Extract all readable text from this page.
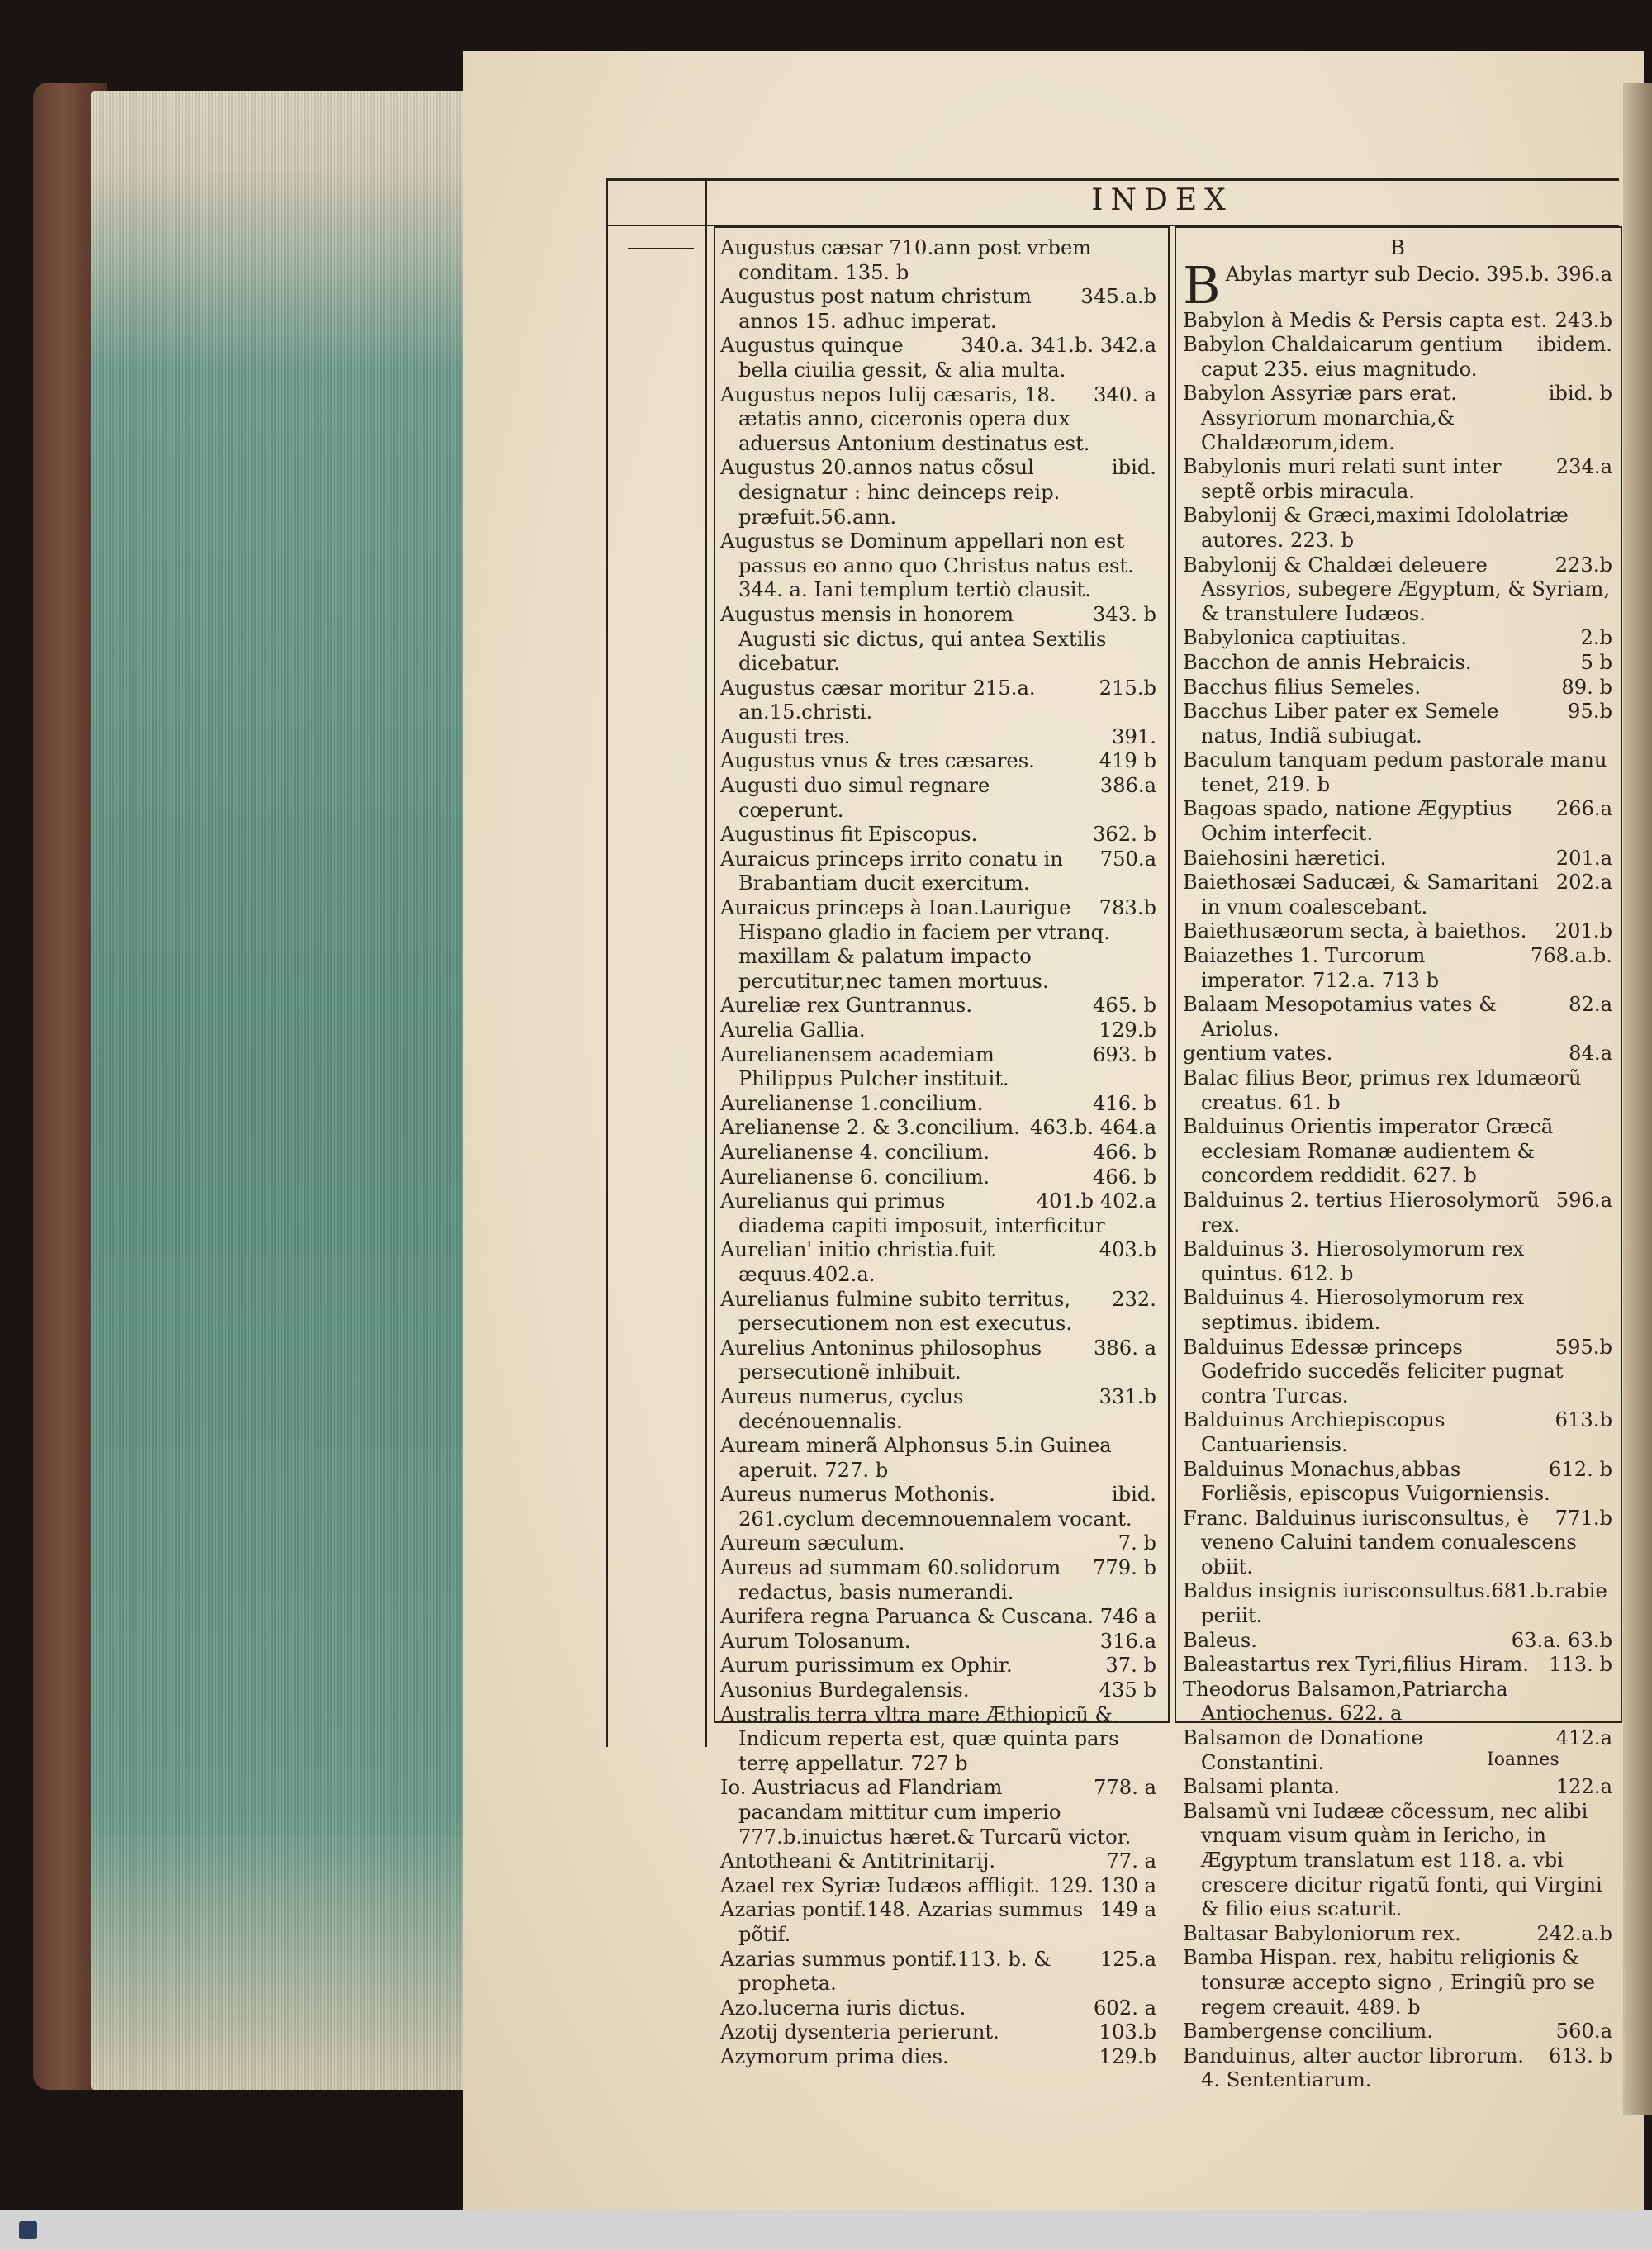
INDEX

Augustus cæsar 710.ann post vrbem conditam. 135. b

345.a.b
Augustus post natum christum annos 15. adhuc imperat.

340.a. 341.b. 342.a
Augustus quinque bella ciuilia gessit, & alia multa.

340. a
Augustus nepos Iulij cæsaris, 18. ætatis anno, ciceronis opera dux aduersus Antonium destinatus est.

ibid.
Augustus 20.annos natus cõsul designatur : hinc deinceps reip. præfuit.56.ann.

Augustus se Dominum appellari non est passus eo anno quo Christus natus est. 344. a. Iani templum tertiò clausit.

343. b
Augustus mensis in honorem Augusti sic dictus, qui antea Sextilis dicebatur.

215.b
Augustus cæsar moritur 215.a. an.15.christi.

391.
Augusti tres.

419 b
Augustus vnus & tres cæsares.

386.a
Augusti duo simul regnare cœperunt.

362. b
Augustinus fit Episcopus.

750.a
Auraicus princeps irrito conatu in Brabantiam ducit exercitum.

783.b
Auraicus princeps à Ioan.Laurigue Hispano gladio in faciem per vtranq. maxillam & palatum impacto percutitur,nec tamen mortuus.

465. b
Aureliæ rex Guntrannus.

129.b
Aurelia Gallia.

693. b
Aurelianensem academiam Philippus Pulcher instituit.

416. b
Aurelianense 1.concilium.

463.b. 464.a
Arelianense 2. & 3.concilium.

466. b
Aurelianense 4. concilium.

466. b
Aurelianense 6. concilium.

401.b 402.a
Aurelianus qui primus diadema capiti imposuit, interficitur

403.b
Aurelian' initio christia.fuit æquus.402.a.

232.
Aurelianus fulmine subito territus, persecutionem non est executus.

386. a
Aurelius Antoninus philosophus persecutionẽ inhibuit.

331.b
Aureus numerus, cyclus decénouennalis.

Auream minerã Alphonsus 5.in Guinea aperuit. 727. b

ibid.
Aureus numerus Mothonis. 261.cyclum decemnouennalem vocant.

7. b
Aureum sæculum.

779. b
Aureus ad summam 60.solidorum redactus, basis numerandi.

746 a
Aurifera regna Paruanca & Cuscana.

316.a
Aurum Tolosanum.

37. b
Aurum purissimum ex Ophir.

435 b
Ausonius Burdegalensis.

Australis terra vltra mare Æthiopicũ & Indicum reperta est, quæ quinta pars terrę appellatur. 727 b

778. a
Io. Austriacus ad Flandriam pacandam mittitur cum imperio 777.b.inuictus hæret.& Turcarũ victor.

77. a
Antotheani & Antitrinitarij.

129. 130 a
Azael rex Syriæ Iudæos affligit.

149 a
Azarias pontif.148. Azarias summus põtif.

125.a
Azarias summus pontif.113. b. & propheta.

602. a
Azo.lucerna iuris dictus.

103.b
Azotij dysenteria perierunt.

129.b
Azymorum prima dies.

B

B	395.b. 396.a
Abylas martyr sub Decio.

243.b
Babylon à Medis & Persis capta est.

ibidem.
Babylon Chaldaicarum gentium caput 235. eius magnitudo.

ibid. b
Babylon Assyriæ pars erat. Assyriorum monarchia,& Chaldæorum,idem.

234.a
Babylonis muri relati sunt inter septẽ orbis miracula.

Babylonij & Græci,maximi Idololatriæ autores. 223. b

223.b
Babylonij & Chaldæi deleuere Assyrios, subegere Ægyptum, & Syriam, & transtulere Iudæos.

2.b
Babylonica captiuitas.

5 b
Bacchon de annis Hebraicis.

89. b
Bacchus filius Semeles.

95.b
Bacchus Liber pater ex Semele natus, Indiã subiugat.

Baculum tanquam pedum pastorale manu tenet, 219. b

266.a
Bagoas spado, natione Ægyptius Ochim interfecit.

201.a
Baiehosini hæretici.

202.a
Baiethosæi Saducæi, & Samaritani in vnum coalescebant.

201.b
Baiethusæorum secta, à baiethos.

768.a.b.
Baiazethes 1. Turcorum imperator. 712.a. 713 b

82.a
Balaam Mesopotamius vates & Ariolus.

84.a
gentium vates.

Balac filius Beor, primus rex Idumæorũ creatus. 61. b

Balduinus Orientis imperator Græcã ecclesiam Romanæ audientem & concordem reddidit. 627. b

596.a
Balduinus 2. tertius Hierosolymorũ rex.

Balduinus 3. Hierosolymorum rex quintus. 612. b

Balduinus 4. Hierosolymorum rex septimus. ibidem.

595.b
Balduinus Edessæ princeps Godefrido succedẽs feliciter pugnat contra Turcas.

613.b
Balduinus Archiepiscopus Cantuariensis.

612. b
Balduinus Monachus,abbas Forliẽsis, episcopus Vuigorniensis.

771.b
Franc. Balduinus iurisconsultus, è veneno Caluini tandem conualescens obiit.

Baldus insignis iurisconsultus.681.b.rabie periit.

63.a. 63.b
Baleus.

113. b
Baleastartus rex Tyri,filius Hiram.

Theodorus Balsamon,Patriarcha Antiochenus. 622. a

412.a
Balsamon de Donatione Constantini.

122.a
Balsami planta.

Balsamũ vni Iudææ cõcessum, nec alibi vnquam visum quàm in Iericho, in Ægyptum translatum est 118. a. vbi crescere dicitur rigatũ fonti, qui Virgini & filio eius scaturit.

242.a.b
Baltasar Babyloniorum rex.

Bamba Hispan. rex, habitu religionis & tonsuræ accepto signo , Eringiũ pro se regem creauit. 489. b

560.a
Bambergense concilium.

613. b
Banduinus, alter auctor librorum. 4. Sententiarum.

Ioannes
